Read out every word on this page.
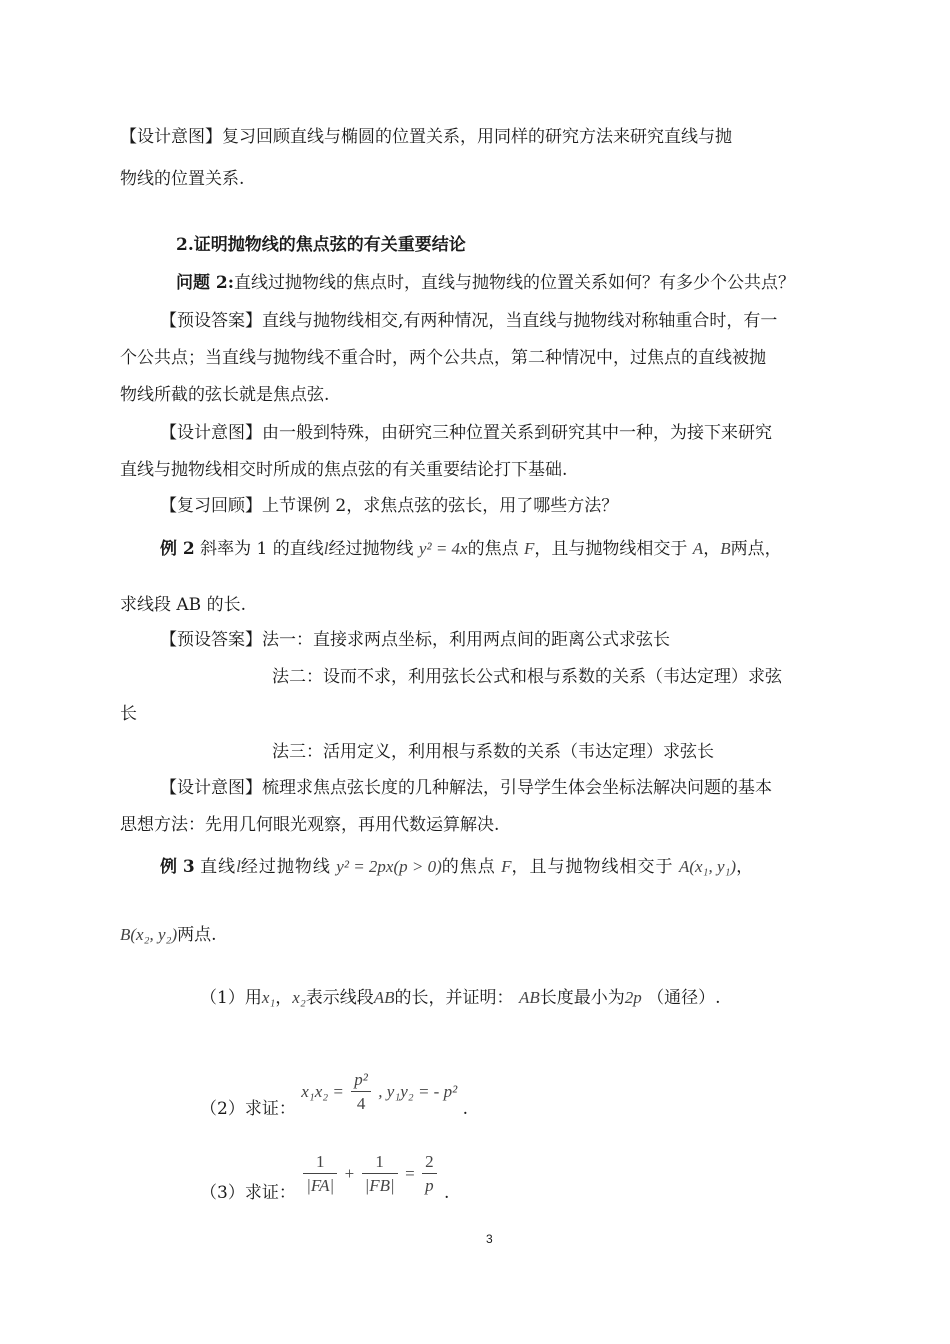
【设计意图】复习回顾直线与椭圆的位置关系，用同样的研究方法来研究直线与抛
物线的位置关系.
2.证明抛物线的焦点弦的有关重要结论
问题 2:直线过抛物线的焦点时，直线与抛物线的位置关系如何？有多少个公共点？
【预设答案】直线与抛物线相交,有两种情况，当直线与抛物线对称轴重合时，有一
个公共点；当直线与抛物线不重合时，两个公共点，第二种情况中，过焦点的直线被抛
物线所截的弦长就是焦点弦.
【设计意图】由一般到特殊，由研究三种位置关系到研究其中一种，为接下来研究
直线与抛物线相交时所成的焦点弦的有关重要结论打下基础.
【复习回顾】上节课例 2，求焦点弦的弦长，用了哪些方法？
例 2 斜率为 1 的直线l经过抛物线 y² = 4x的焦点 F，且与抛物线相交于 A，B两点，
求线段 AB 的长.
【预设答案】法一：直接求两点坐标，利用两点间的距离公式求弦长
法二：设而不求，利用弦长公式和根与系数的关系（韦达定理）求弦
长
法三：活用定义，利用根与系数的关系（韦达定理）求弦长
【设计意图】梳理求焦点弦长度的几种解法，引导学生体会坐标法解决问题的基本
思想方法：先用几何眼光观察，再用代数运算解决.
例 3 直线l经过抛物线 y² = 2px(p > 0)的焦点 F，且与抛物线相交于 A(x₁, y₁)，
B(x₂, y₂)两点.
（1）用x₁，x₂表示线段AB的长，并证明： AB长度最小为2p （通径）.
（2）求证： $x_1x_2 = \frac{\text{p²}}{4}$ , y₁y₂ = - p² .
（3）求证： $\frac{1}{|FA|} + \frac{1}{|FB|} = \frac{2}{p}$ .
3
